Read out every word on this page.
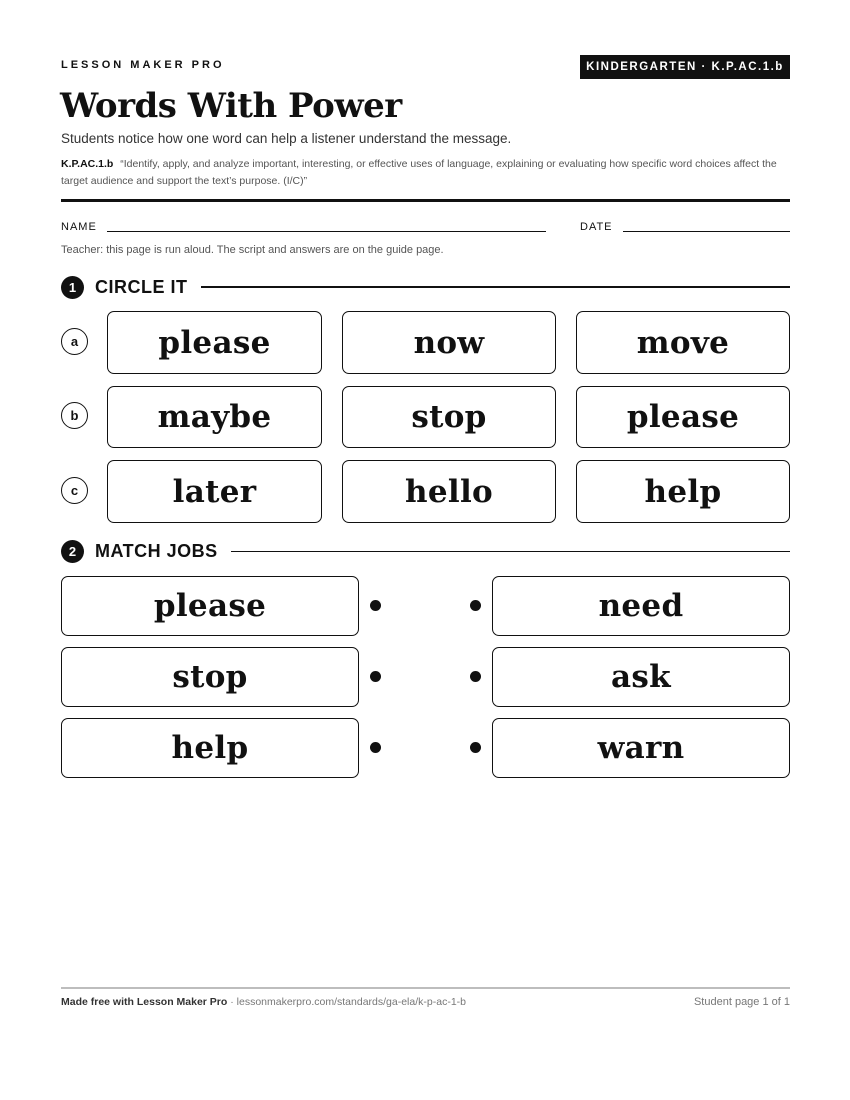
LESSON MAKER PRO	KINDERGARTEN · K.P.AC.1.b
Words With Power
Students notice how one word can help a listener understand the message.
K.P.AC.1.b “Identify, apply, and analyze important, interesting, or effective uses of language, explaining or evaluating how specific word choices affect the target audience and support the text’s purpose. (I/C)”
NAME	DATE
Teacher: this page is run aloud. The script and answers are on the guide page.
1	CIRCLE IT
a	please	now	move
b	maybe	stop	please
c	later	hello	help
2	MATCH JOBS
please	need
stop	ask
help	warn
Made free with Lesson Maker Pro · lessonmakerpro.com/standards/ga-ela/k-p-ac-1-b	Student page 1 of 1
